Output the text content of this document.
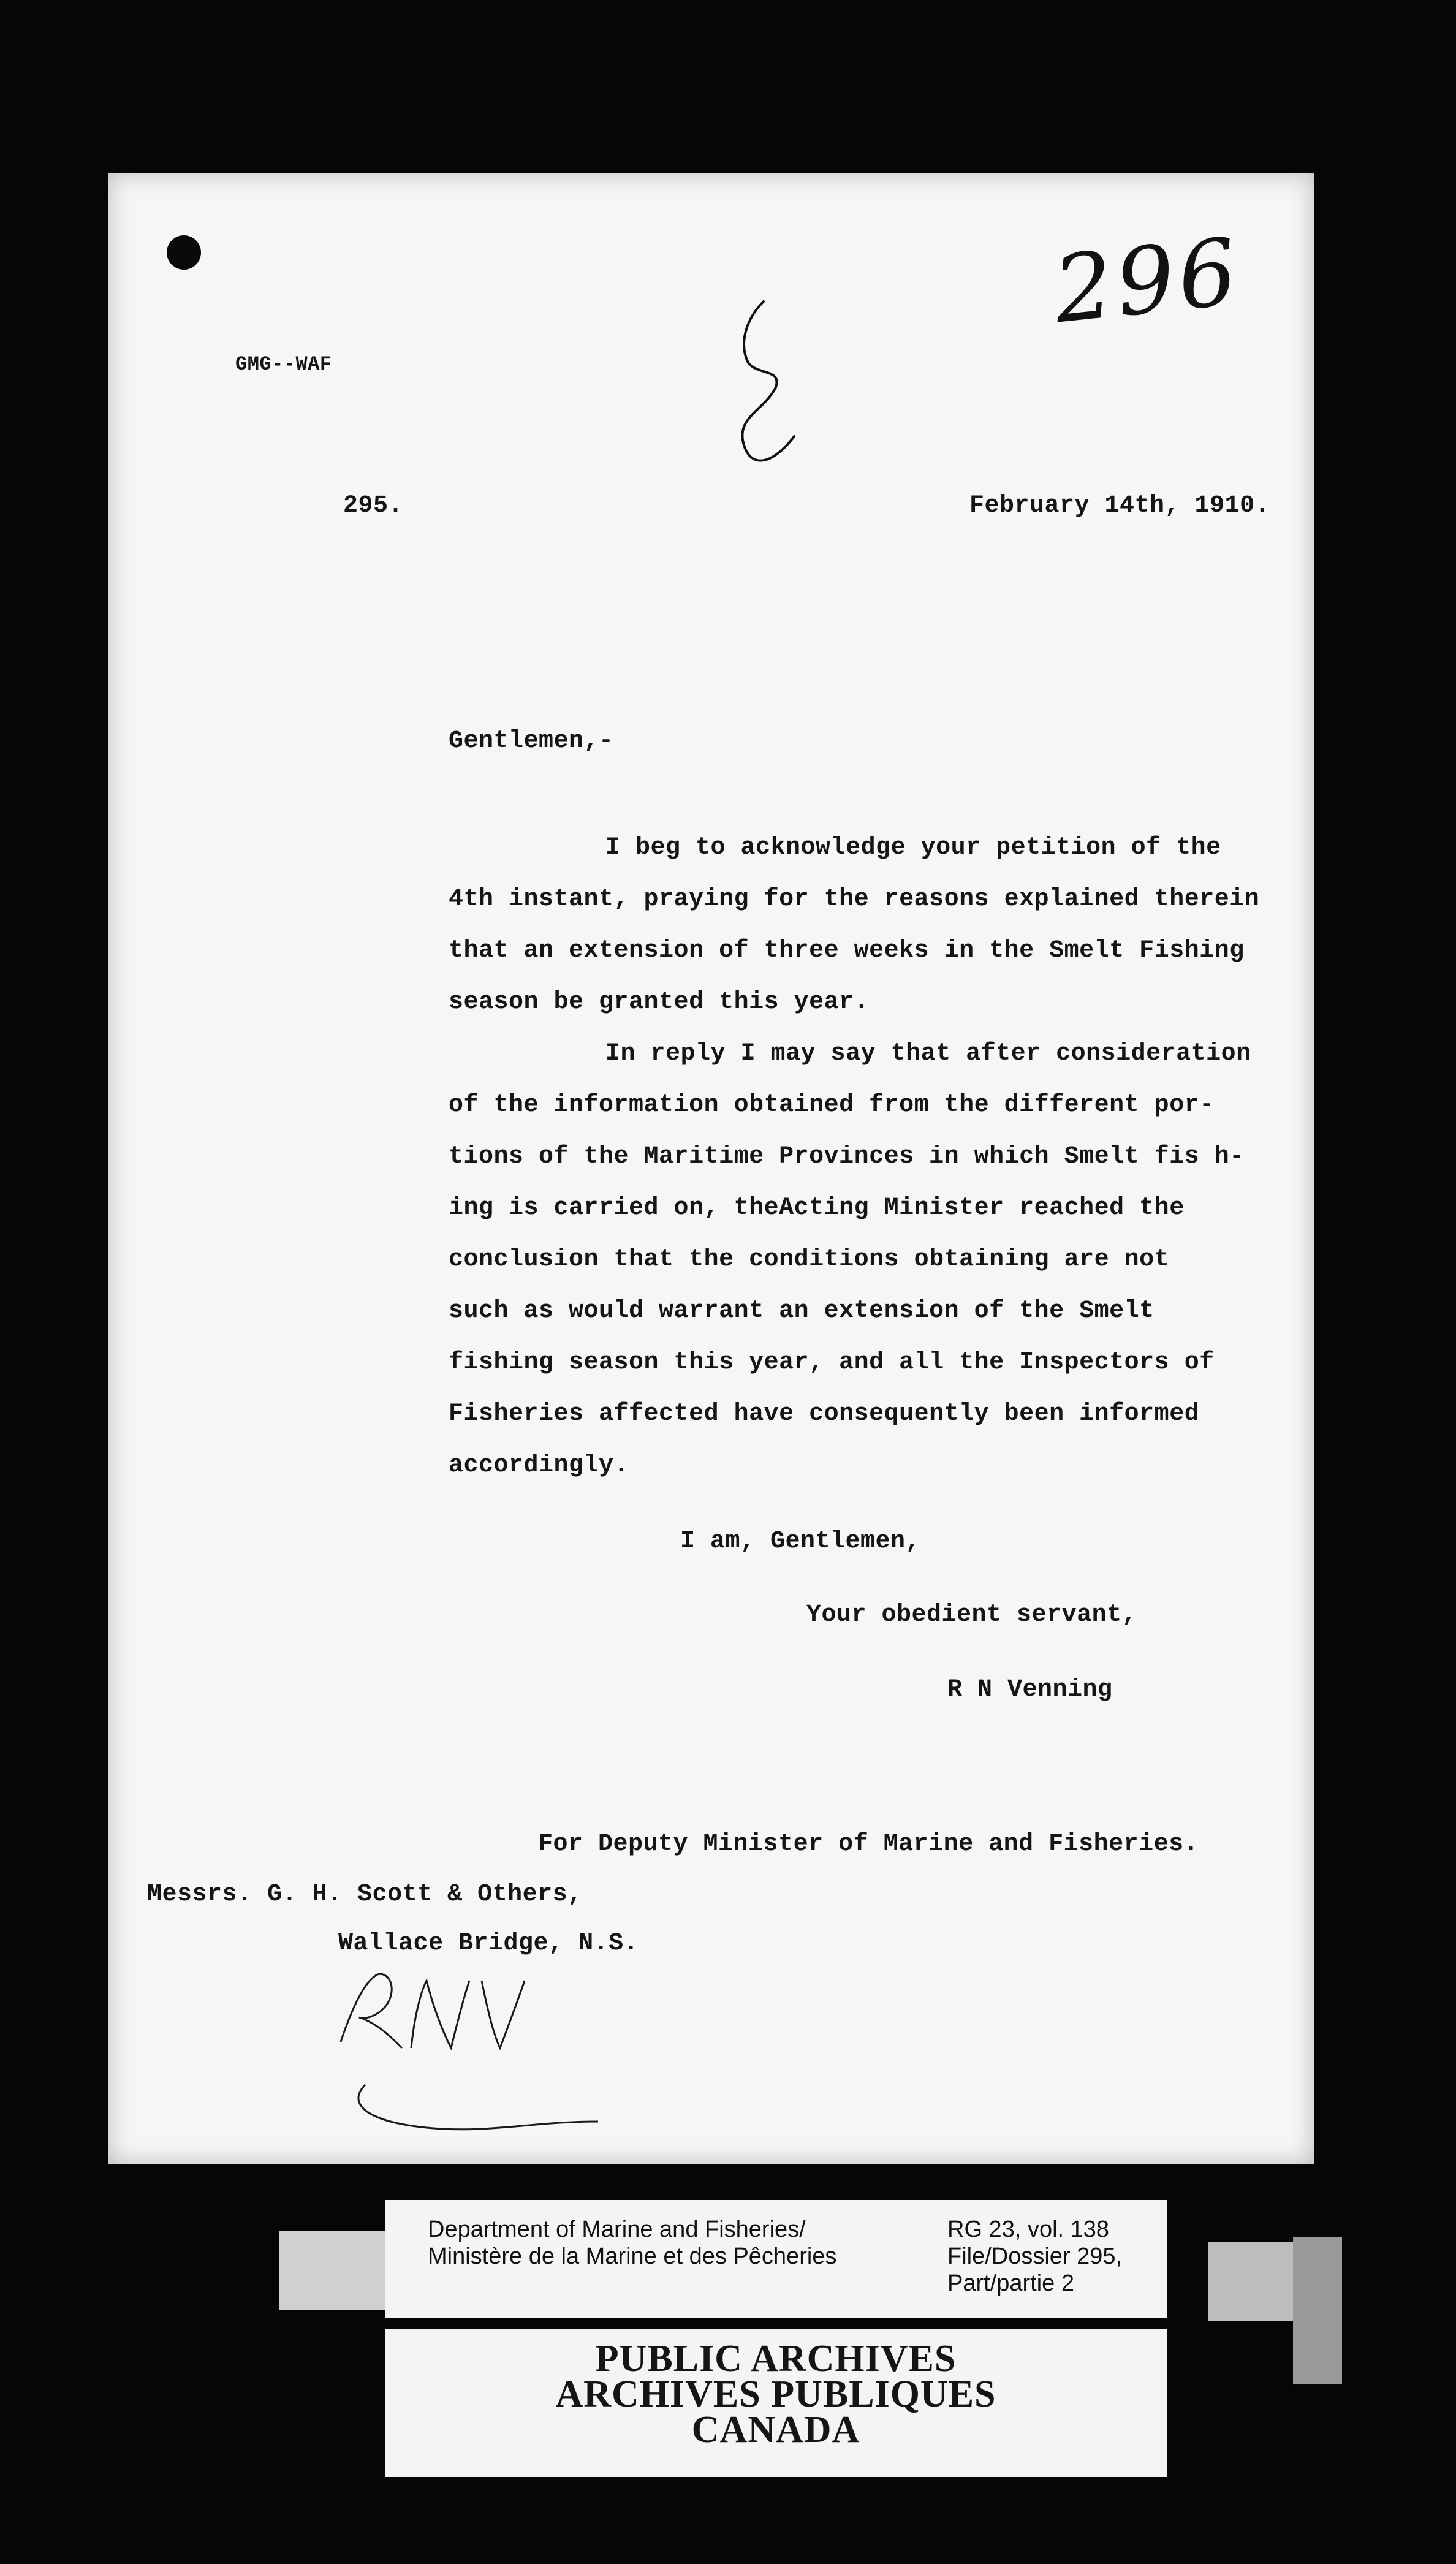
296
GMG--WAF
295.	February 14th, 1910.
Gentlemen,-
I beg to acknowledge your petition of the
4th instant, praying for the reasons explained therein
that an extension of three weeks in the Smelt Fishing
season be granted this year.
In reply I may say that after consideration
of the information obtained from the different por-
tions of the Maritime Provinces in which Smelt fis h-
ing is carried on, theActing Minister reached the
conclusion that the conditions obtaining are not
such as would warrant an extension of the Smelt
fishing season this year, and all the Inspectors of
Fisheries affected have consequently been informed
accordingly.
I am, Gentlemen,
Your obedient servant,
R N Venning
For Deputy Minister of Marine and Fisheries.
Messrs. G. H. Scott & Others,
Wallace Bridge, N.S.
Department of Marine and Fisheries/
Ministère de la Marine et des Pêcheries
RG 23, vol. 138
File/Dossier 295,
Part/partie 2
PUBLIC ARCHIVES
ARCHIVES PUBLIQUES
CANADA
